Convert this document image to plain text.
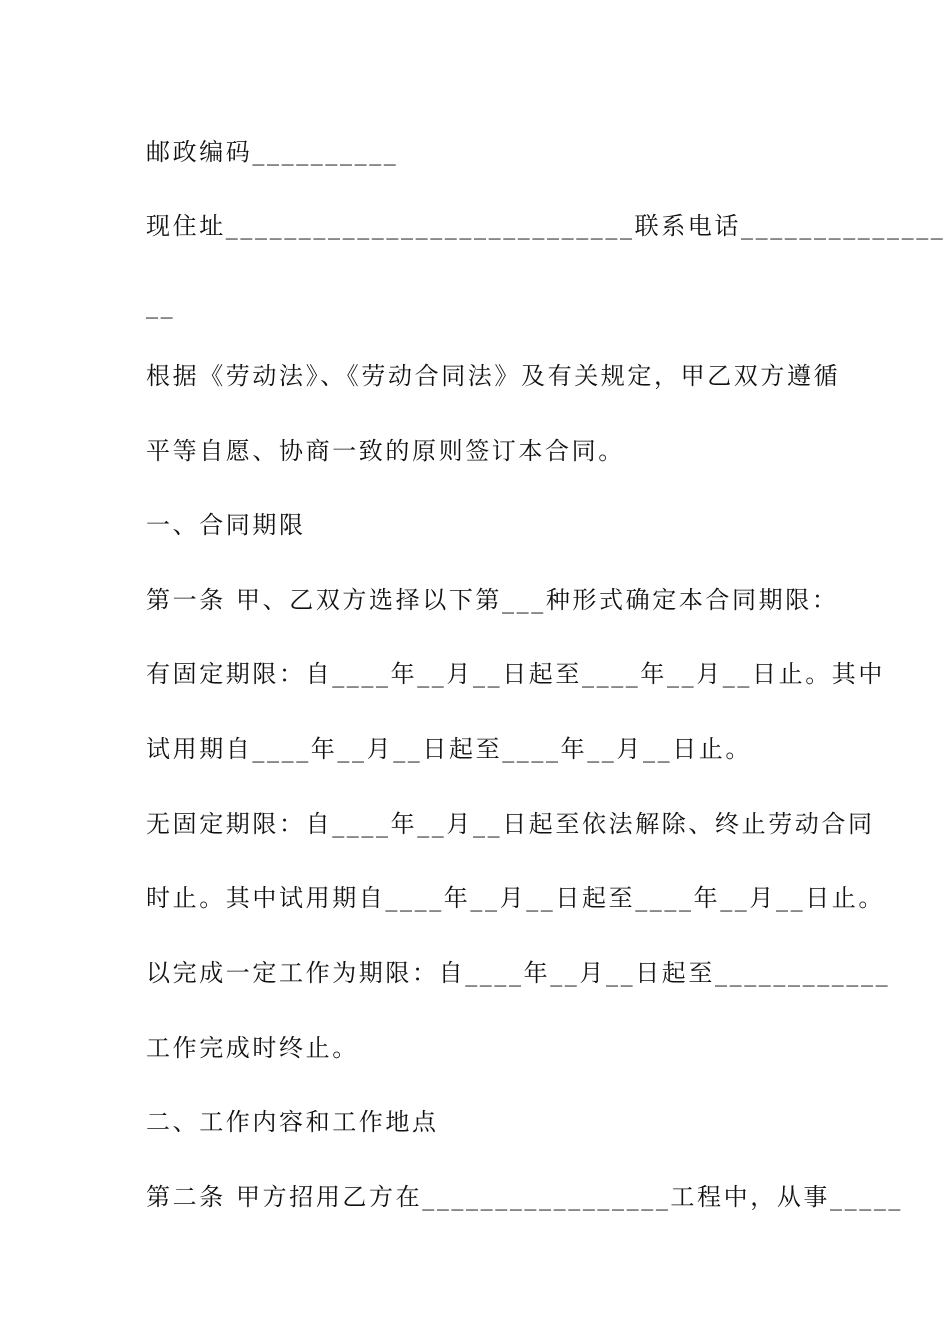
邮政编码__________
现住址____________________________联系电话______________
__
根据《劳动法》、《劳动合同法》及有关规定，甲乙双方遵循
平等自愿、协商一致的原则签订本合同。
一、合同期限
第一条 甲、乙双方选择以下第___种形式确定本合同期限：
有固定期限：自____年__月__日起至____年__月__日止。其中
试用期自____年__月__日起至____年__月__日止。
无固定期限：自____年__月__日起至依法解除、终止劳动合同
时止。其中试用期自____年__月__日起至____年__月__日止。
以完成一定工作为期限：自____年__月__日起至____________
工作完成时终止。
二、工作内容和工作地点
第二条 甲方招用乙方在_________________工程中，从事_____
